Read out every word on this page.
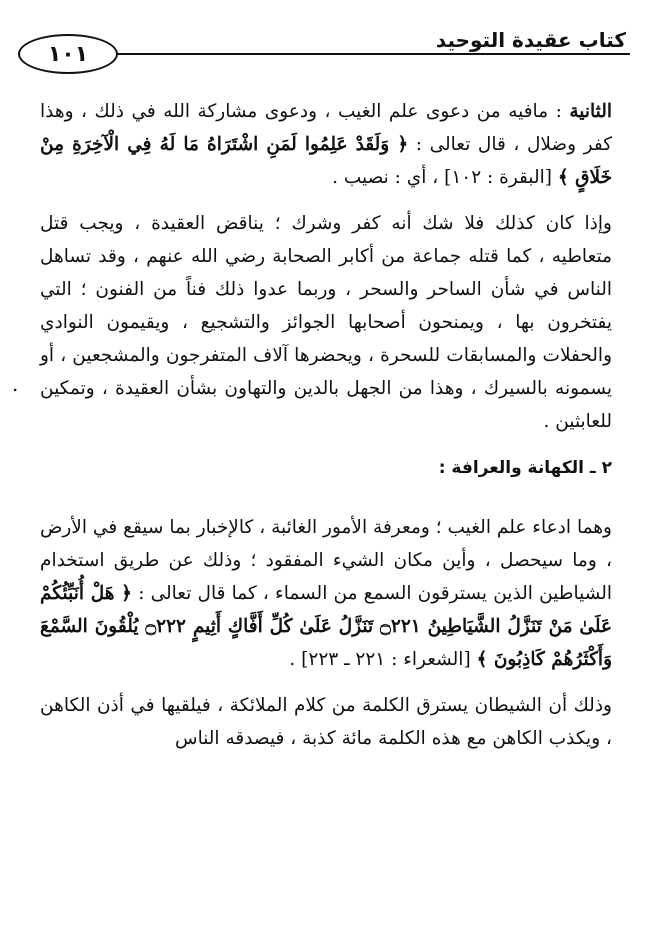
١٠١
كتاب عقيدة التوحيد
.

الثانية : مافيه من دعوى علم الغيب ، ودعوى مشاركة الله في ذلك ، وهذا كفر وضلال ، قال تعالى : ﴿ وَلَقَدْ عَلِمُوا لَمَنِ اشْتَرَاهُ مَا لَهُ فِي الْآخِرَةِ مِنْ خَلَاقٍ ﴾ [البقرة : ١٠٢] ، أي : نصيب .

وإذا كان كذلك فلا شك أنه كفر وشرك ؛ يناقض العقيدة ، ويجب قتل متعاطيه ، كما قتله جماعة من أكابر الصحابة رضي الله عنهم ، وقد تساهل الناس في شأن الساحر والسحر ، وربما عدوا ذلك فناً من الفنون ؛ التي يفتخرون بها ، ويمنحون أصحابها الجوائز والتشجيع ، ويقيمون النوادي والحفلات والمسابقات للسحرة ، ويحضرها آلاف المتفرجون والمشجعين ، أو يسمونه بالسيرك ، وهذا من الجهل بالدين والتهاون بشأن العقيدة ، وتمكين للعابثين .

٢ ـ الكهانة والعرافة :

وهما ادعاء علم الغيب ؛ ومعرفة الأمور الغائبة ، كالإخبار بما سيقع في الأرض ، وما سيحصل ، وأين مكان الشيء المفقود ؛ وذلك عن طريق استخدام الشياطين الذين يسترقون السمع من السماء ، كما قال تعالى : ﴿ هَلْ أُنَبِّئُكُمْ عَلَىٰ مَنْ تَنَزَّلُ الشَّيَاطِينُ ۝٢٢١ تَنَزَّلُ عَلَىٰ كُلِّ أَفَّاكٍ أَثِيمٍ ۝٢٢٢ يُلْقُونَ السَّمْعَ وَأَكْثَرُهُمْ كَاذِبُونَ ﴾ [الشعراء : ٢٢١ ـ ٢٢٣] .

وذلك أن الشيطان يسترق الكلمة من كلام الملائكة ، فيلقيها في أذن الكاهن ، ويكذب الكاهن مع هذه الكلمة مائة كذبة ، فيصدقه الناس
